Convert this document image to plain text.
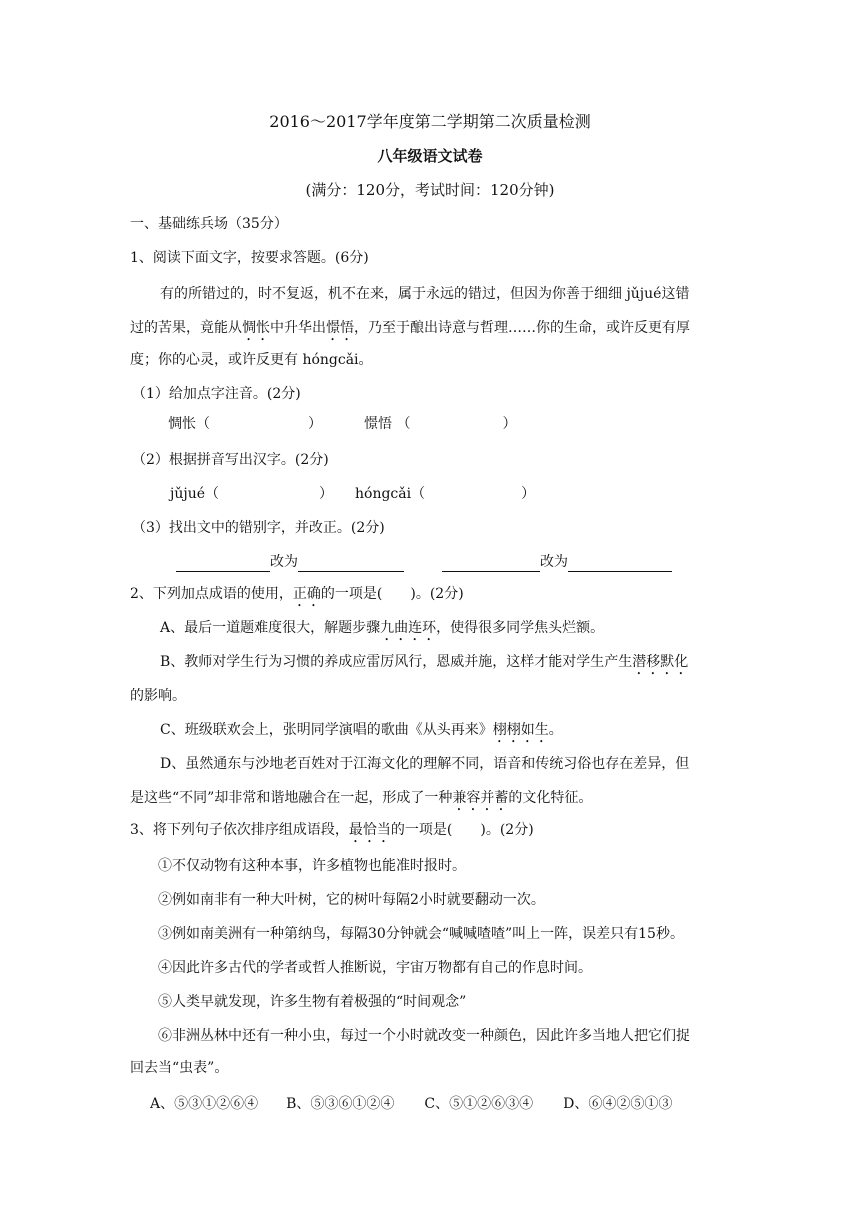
2016～2017学年度第二学期第二次质量检测
八年级语文试卷
(满分：120分，考试时间：120分钟)
一、基础练兵场（35分）
1、阅读下面文字，按要求答题。(6分)
有的所错过的，时不复返，机不在来，属于永远的错过，但因为你善于细细 jǔjué这错
过的苦果，竟能从惆怅中升华出憬悟，乃至于酿出诗意与哲理……你的生命，或许反更有厚
度；你的心灵，或许反更有 hóngcǎi。
（1）给加点字注音。(2分)
惆怅（	）	憬悟 （	）
（2）根据拼音写出汉字。(2分)
jǔjué（	） hóngcǎi（	）
（3）找出文中的错别字，并改正。(2分)
改为	改为
2、下列加点成语的使用，正确的一项是(　　)。(2分)
A、最后一道题难度很大，解题步骤九曲连环，使得很多同学焦头烂额。
B、教师对学生行为习惯的养成应雷厉风行，恩威并施，这样才能对学生产生潜移默化
的影响。
C、班级联欢会上，张明同学演唱的歌曲《从头再来》栩栩如生。
D、虽然通东与沙地老百姓对于江海文化的理解不同，语音和传统习俗也存在差异，但
是这些“不同”却非常和谐地融合在一起，形成了一种兼容并蓄的文化特征。
3、将下列句子依次排序组成语段，最恰当的一项是(　　)。(2分)
①不仅动物有这种本事，许多植物也能准时报时。
②例如南非有一种大叶树，它的树叶每隔2小时就要翻动一次。
③例如南美洲有一种第纳鸟，每隔30分钟就会“喊喊喳喳”叫上一阵，误差只有15秒。
④因此许多古代的学者或哲人推断说，宇宙万物都有自己的作息时间。
⑤人类早就发现，许多生物有着极强的“时间观念”
⑥非洲丛林中还有一种小虫，每过一个小时就改变一种颜色，因此许多当地人把它们捉
回去当“虫表”。
A、⑤③①②⑥④ B、⑤③⑥①②④ C、⑤①②⑥③④ D、⑥④②⑤①③
